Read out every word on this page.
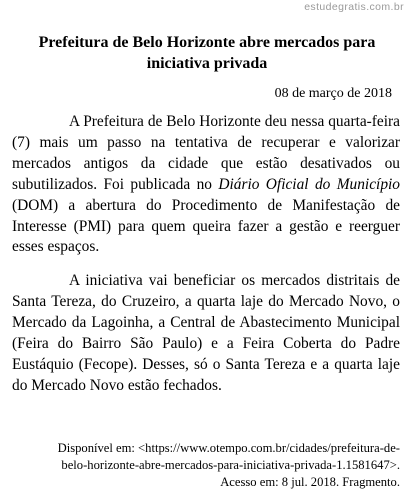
estudegratis.com.br
Prefeitura de Belo Horizonte abre mercados para iniciativa privada
08 de março de 2018

A Prefeitura de Belo Horizonte deu nessa quarta-feira (7) mais um passo na tentativa de recuperar e valorizar mercados antigos da cidade que estão desativados ou subutilizados. Foi publicada no Diário Oficial do Município (DOM) a abertura do Procedimento de Manifestação de Interesse (PMI) para quem queira fazer a gestão e reerguer esses espaços.

A iniciativa vai beneficiar os mercados distritais de Santa Tereza, do Cruzeiro, a quarta laje do Mercado Novo, o Mercado da Lagoinha, a Central de Abastecimento Municipal (Feira do Bairro São Paulo) e a Feira Coberta do Padre Eustáquio (Fecope). Desses, só o Santa Tereza e a quarta laje do Mercado Novo estão fechados.

Disponível em: <https://www.otempo.com.br/cidades/prefeitura-de-
belo-horizonte-abre-mercados-para-iniciativa-privada-1.1581647>.
Acesso em: 8 jul. 2018. Fragmento.
